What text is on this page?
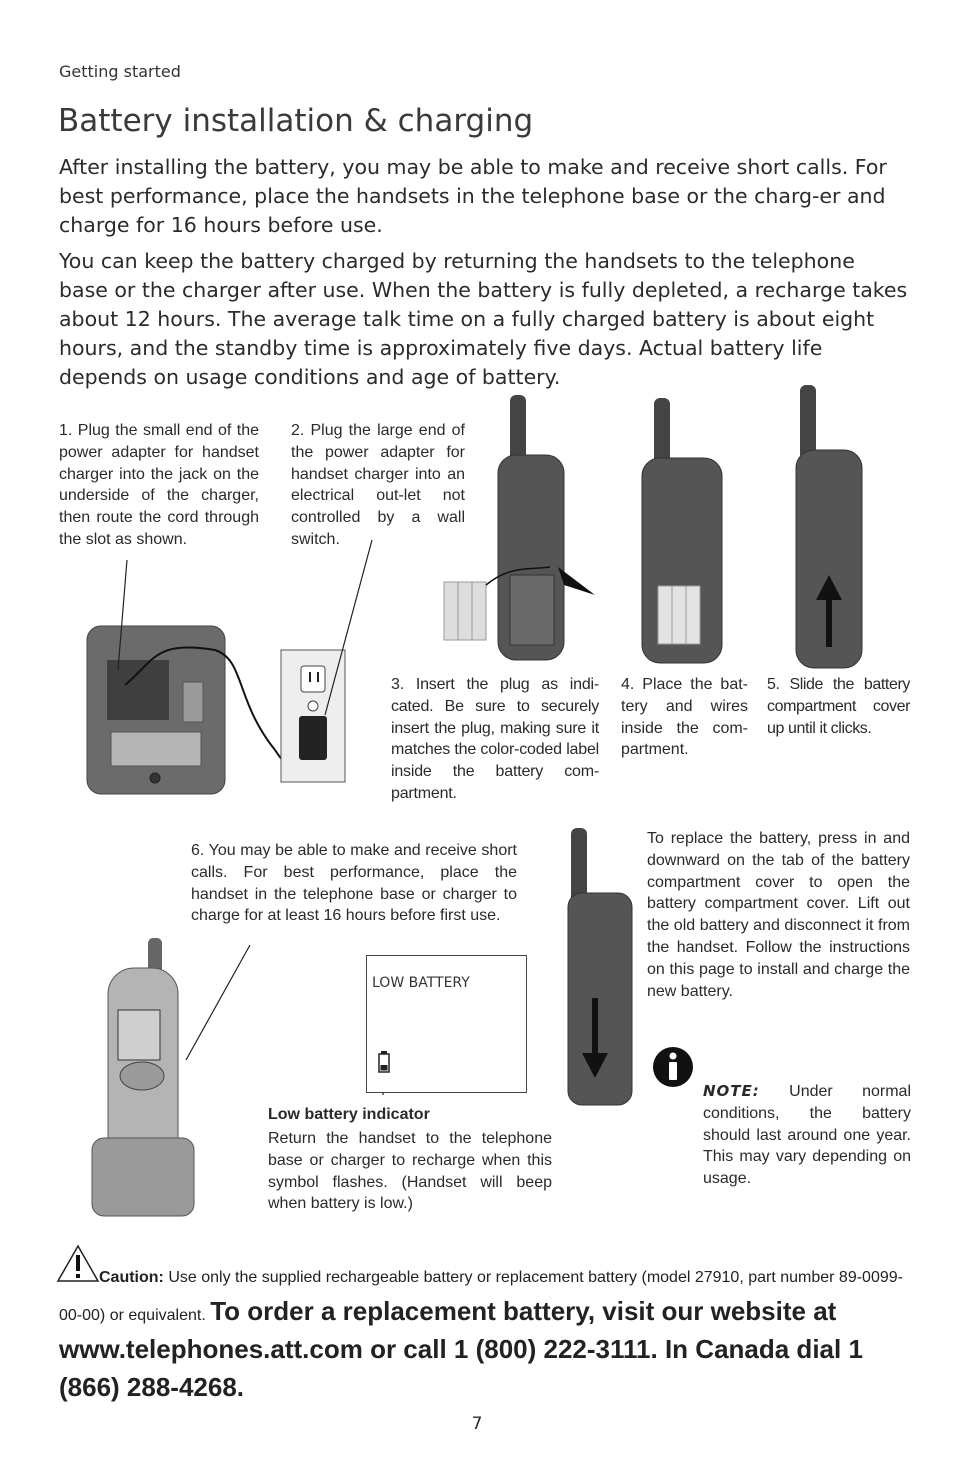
Getting started
Battery installation & charging

After installing the battery, you may be able to make and receive short calls. For best performance, place the handsets in the telephone base or the charg-er and charge for 16 hours before use.

You can keep the battery charged by returning the handsets to the telephone base or the charger after use. When the battery is fully depleted, a recharge takes about 12 hours. The average talk time on a fully charged battery is about eight hours, and the standby time is approximately five days. Actual battery life depends on usage conditions and age of battery.

1. Plug the small end of the power adapter for handset charger into the jack on the underside of the charger, then route the cord through the slot as shown.
2. Plug the large end of the power adapter for handset charger into an electrical out-let not controlled by a wall switch.
3. Insert the plug as indi-cated. Be sure to securely insert the plug, making sure it matches the color-coded label inside the battery com-partment.
4. Place the bat-tery and wires inside the com-partment.
5. Slide the battery compartment cover up until it clicks.
6. You may be able to make and receive short calls. For best performance, place the handset in the telephone base or charger to charge for at least 16 hours before first use.
To replace the battery, press in and downward on the tab of the battery compartment cover to open the battery compartment cover. Lift out the old battery and disconnect it from the handset. Follow the instructions on this page to install and charge the new battery.
LOW BATTERY
Low battery indicator
Return the handset to the telephone base or charger to recharge when this symbol flashes. (Handset will beep when battery is low.)
NOTE: Under normal conditions, the battery should last around one year. This may vary depending on usage.
Caution: Use only the supplied rechargeable battery or replacement battery (model 27910, part number 89-0099-00-00) or equivalent. To order a replacement battery, visit our website at www.telephones.att.com or call 1 (800) 222-3111. In Canada dial 1 (866) 288-4268.
7
